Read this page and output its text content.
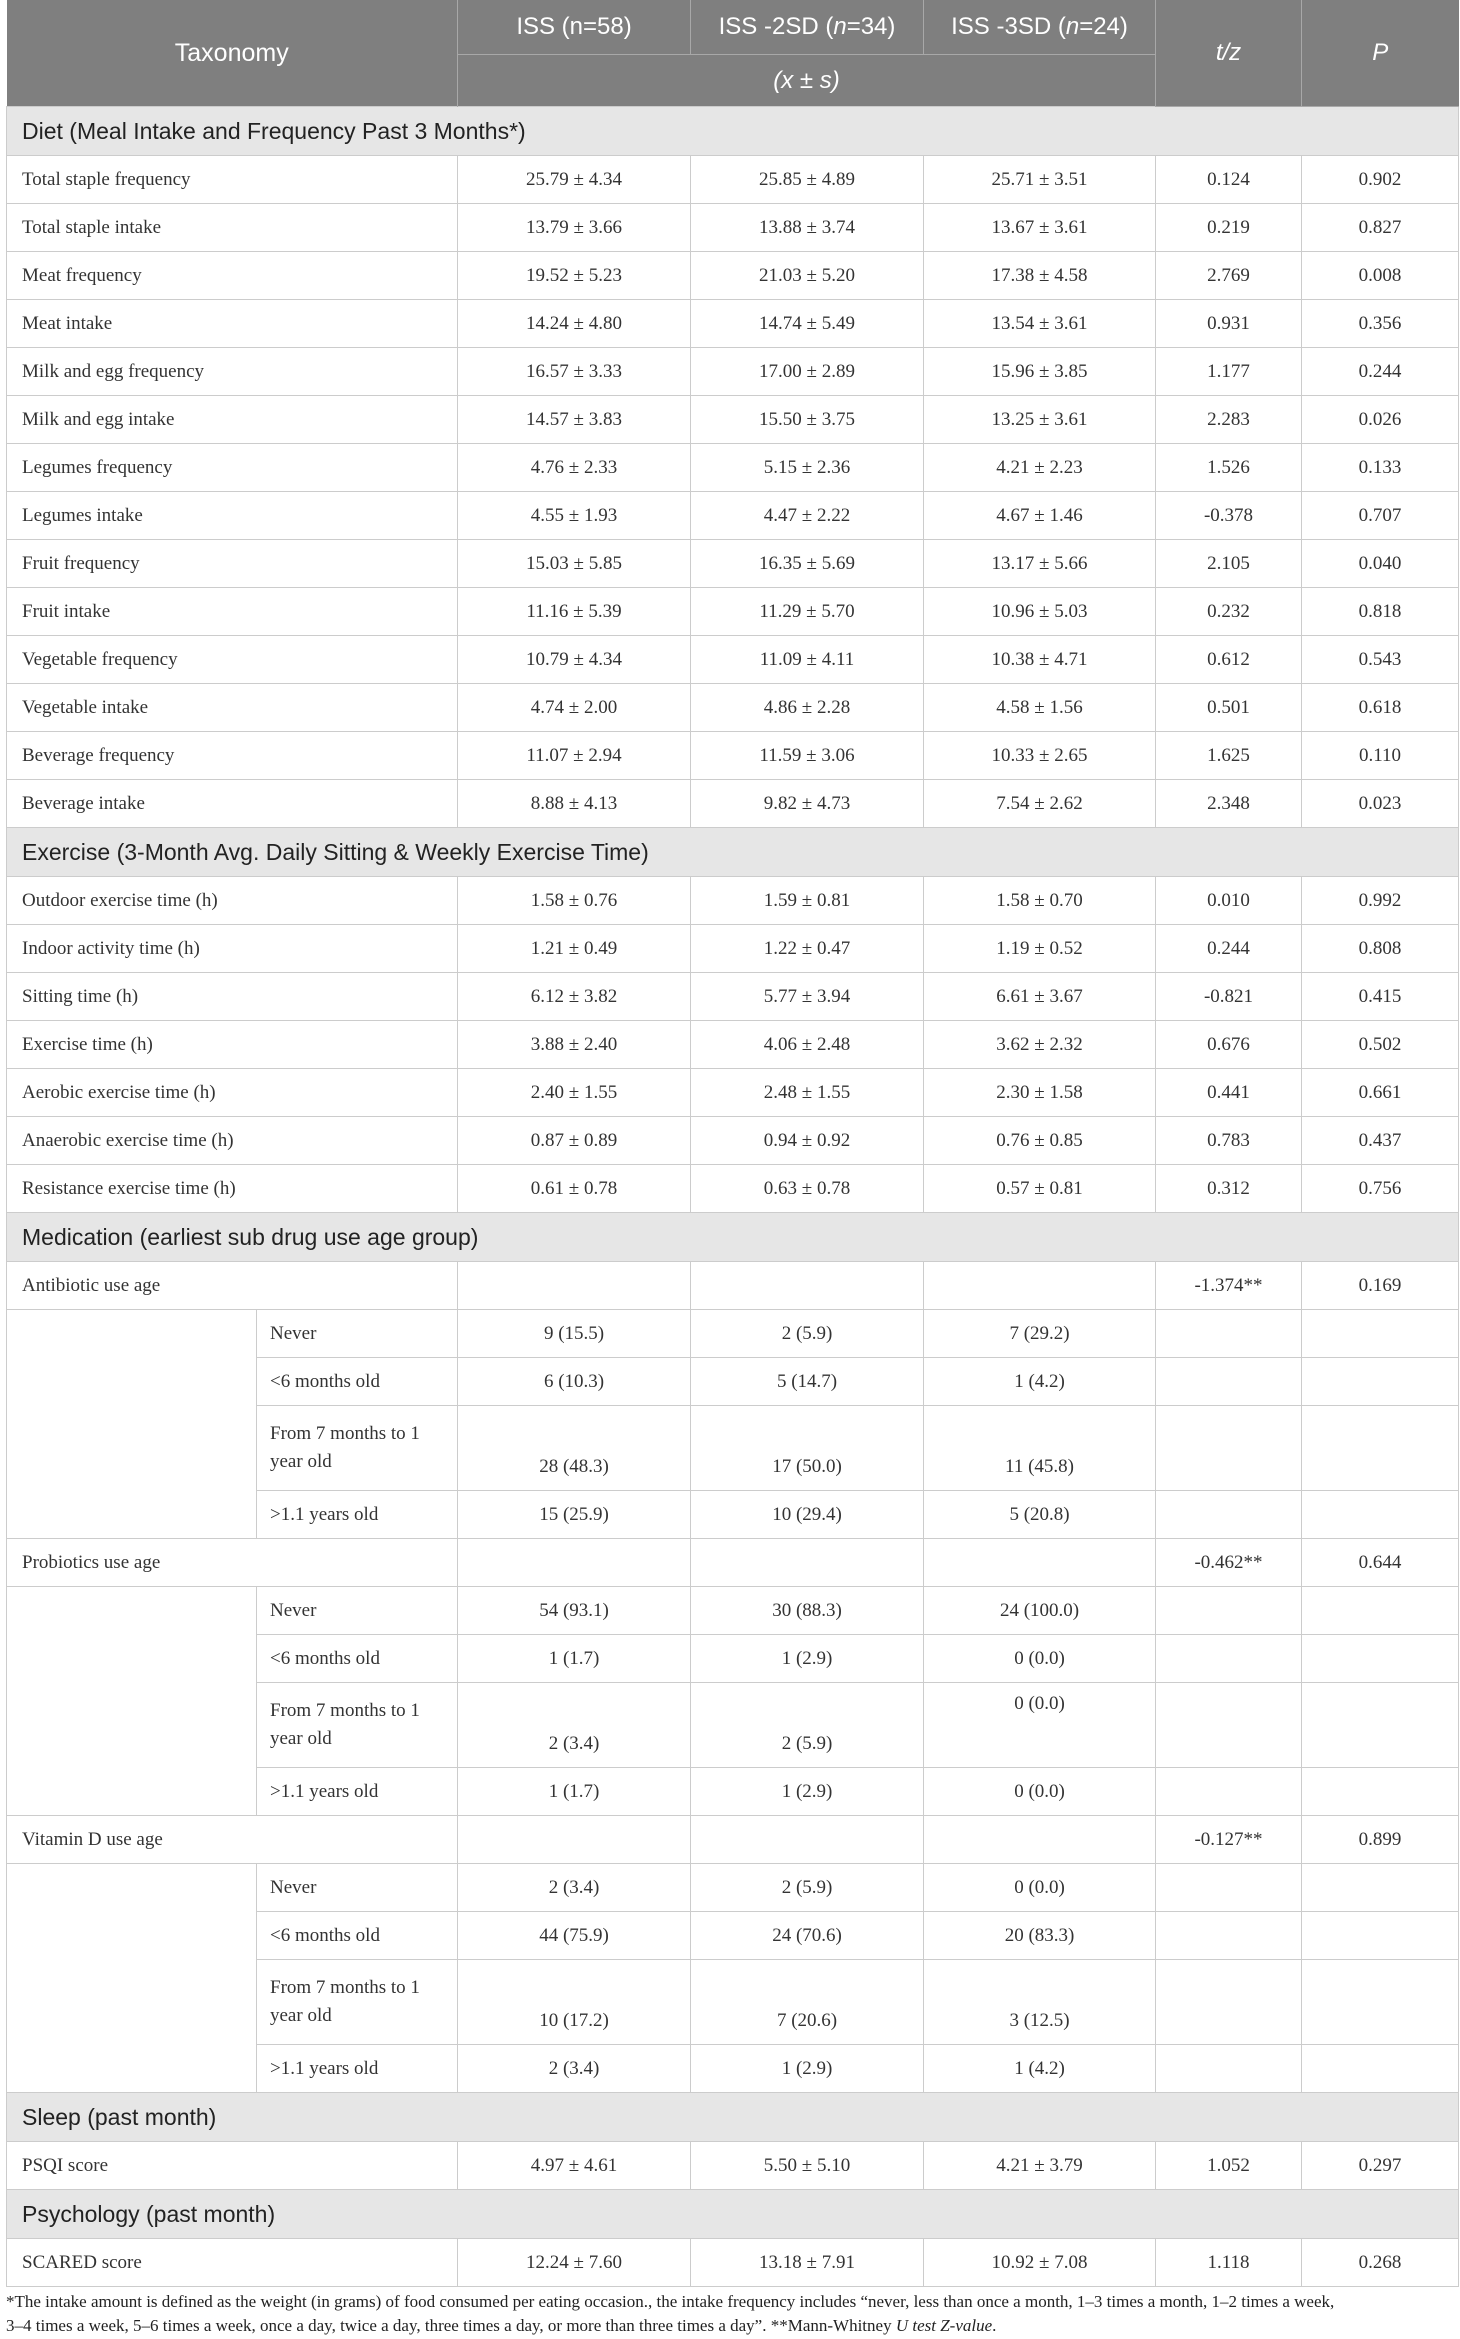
Taxonomy		ISS (n=58)	ISS -2SD (n=34)	ISS -3SD (n=24)	t/z	P
		(x ± s)				
Diet (Meal Intake and Frequency Past 3 Months*)						
Total staple frequency		25.79 ± 4.34	25.85 ± 4.89	25.71 ± 3.51	0.124	0.902
Total staple intake		13.79 ± 3.66	13.88 ± 3.74	13.67 ± 3.61	0.219	0.827
Meat frequency		19.52 ± 5.23	21.03 ± 5.20	17.38 ± 4.58	2.769	0.008
Meat intake		14.24 ± 4.80	14.74 ± 5.49	13.54 ± 3.61	0.931	0.356
Milk and egg frequency		16.57 ± 3.33	17.00 ± 2.89	15.96 ± 3.85	1.177	0.244
Milk and egg intake		14.57 ± 3.83	15.50 ± 3.75	13.25 ± 3.61	2.283	0.026
Legumes frequency		4.76 ± 2.33	5.15 ± 2.36	4.21 ± 2.23	1.526	0.133
Legumes intake		4.55 ± 1.93	4.47 ± 2.22	4.67 ± 1.46	-0.378	0.707
Fruit frequency		15.03 ± 5.85	16.35 ± 5.69	13.17 ± 5.66	2.105	0.040
Fruit intake		11.16 ± 5.39	11.29 ± 5.70	10.96 ± 5.03	0.232	0.818
Vegetable frequency		10.79 ± 4.34	11.09 ± 4.11	10.38 ± 4.71	0.612	0.543
Vegetable intake		4.74 ± 2.00	4.86 ± 2.28	4.58 ± 1.56	0.501	0.618
Beverage frequency		11.07 ± 2.94	11.59 ± 3.06	10.33 ± 2.65	1.625	0.110
Beverage intake		8.88 ± 4.13	9.82 ± 4.73	7.54 ± 2.62	2.348	0.023
Exercise (3-Month Avg. Daily Sitting & Weekly Exercise Time)						
Outdoor exercise time (h)		1.58 ± 0.76	1.59 ± 0.81	1.58 ± 0.70	0.010	0.992
Indoor activity time (h)		1.21 ± 0.49	1.22 ± 0.47	1.19 ± 0.52	0.244	0.808
Sitting time (h)		6.12 ± 3.82	5.77 ± 3.94	6.61 ± 3.67	-0.821	0.415
Exercise time (h)		3.88 ± 2.40	4.06 ± 2.48	3.62 ± 2.32	0.676	0.502
Aerobic exercise time (h)		2.40 ± 1.55	2.48 ± 1.55	2.30 ± 1.58	0.441	0.661
Anaerobic exercise time (h)		0.87 ± 0.89	0.94 ± 0.92	0.76 ± 0.85	0.783	0.437
Resistance exercise time (h)		0.61 ± 0.78	0.63 ± 0.78	0.57 ± 0.81	0.312	0.756
Medication (earliest sub drug use age group)						
Antibiotic use age					-1.374**	0.169
	Never	9 (15.5)	2 (5.9)	7 (29.2)		
	<6 months old	6 (10.3)	5 (14.7)	1 (4.2)		
	From 7 months to 1 year old	28 (48.3)	17 (50.0)	11 (45.8)		
	>1.1 years old	15 (25.9)	10 (29.4)	5 (20.8)		
Probiotics use age					-0.462**	0.644
	Never	54 (93.1)	30 (88.3)	24 (100.0)		
	<6 months old	1 (1.7)	1 (2.9)	0 (0.0)		
	From 7 months to 1 year old	2 (3.4)	2 (5.9)	0 (0.0)		
	>1.1 years old	1 (1.7)	1 (2.9)	0 (0.0)		
Vitamin D use age					-0.127**	0.899
	Never	2 (3.4)	2 (5.9)	0 (0.0)		
	<6 months old	44 (75.9)	24 (70.6)	20 (83.3)		
	From 7 months to 1 year old	10 (17.2)	7 (20.6)	3 (12.5)		
	>1.1 years old	2 (3.4)	1 (2.9)	1 (4.2)		
Sleep (past month)						
PSQI score		4.97 ± 4.61	5.50 ± 5.10	4.21 ± 3.79	1.052	0.297
Psychology (past month)						
SCARED score		12.24 ± 7.60	13.18 ± 7.91	10.92 ± 7.08	1.118	0.268

*The intake amount is defined as the weight (in grams) of food consumed per eating occasion., the intake frequency includes “never, less than once a month, 1–3 times a month, 1–2 times a week,

3–4 times a week, 5–6 times a week, once a day, twice a day, three times a day, or more than three times a day”. **Mann-Whitney U test Z-value.
